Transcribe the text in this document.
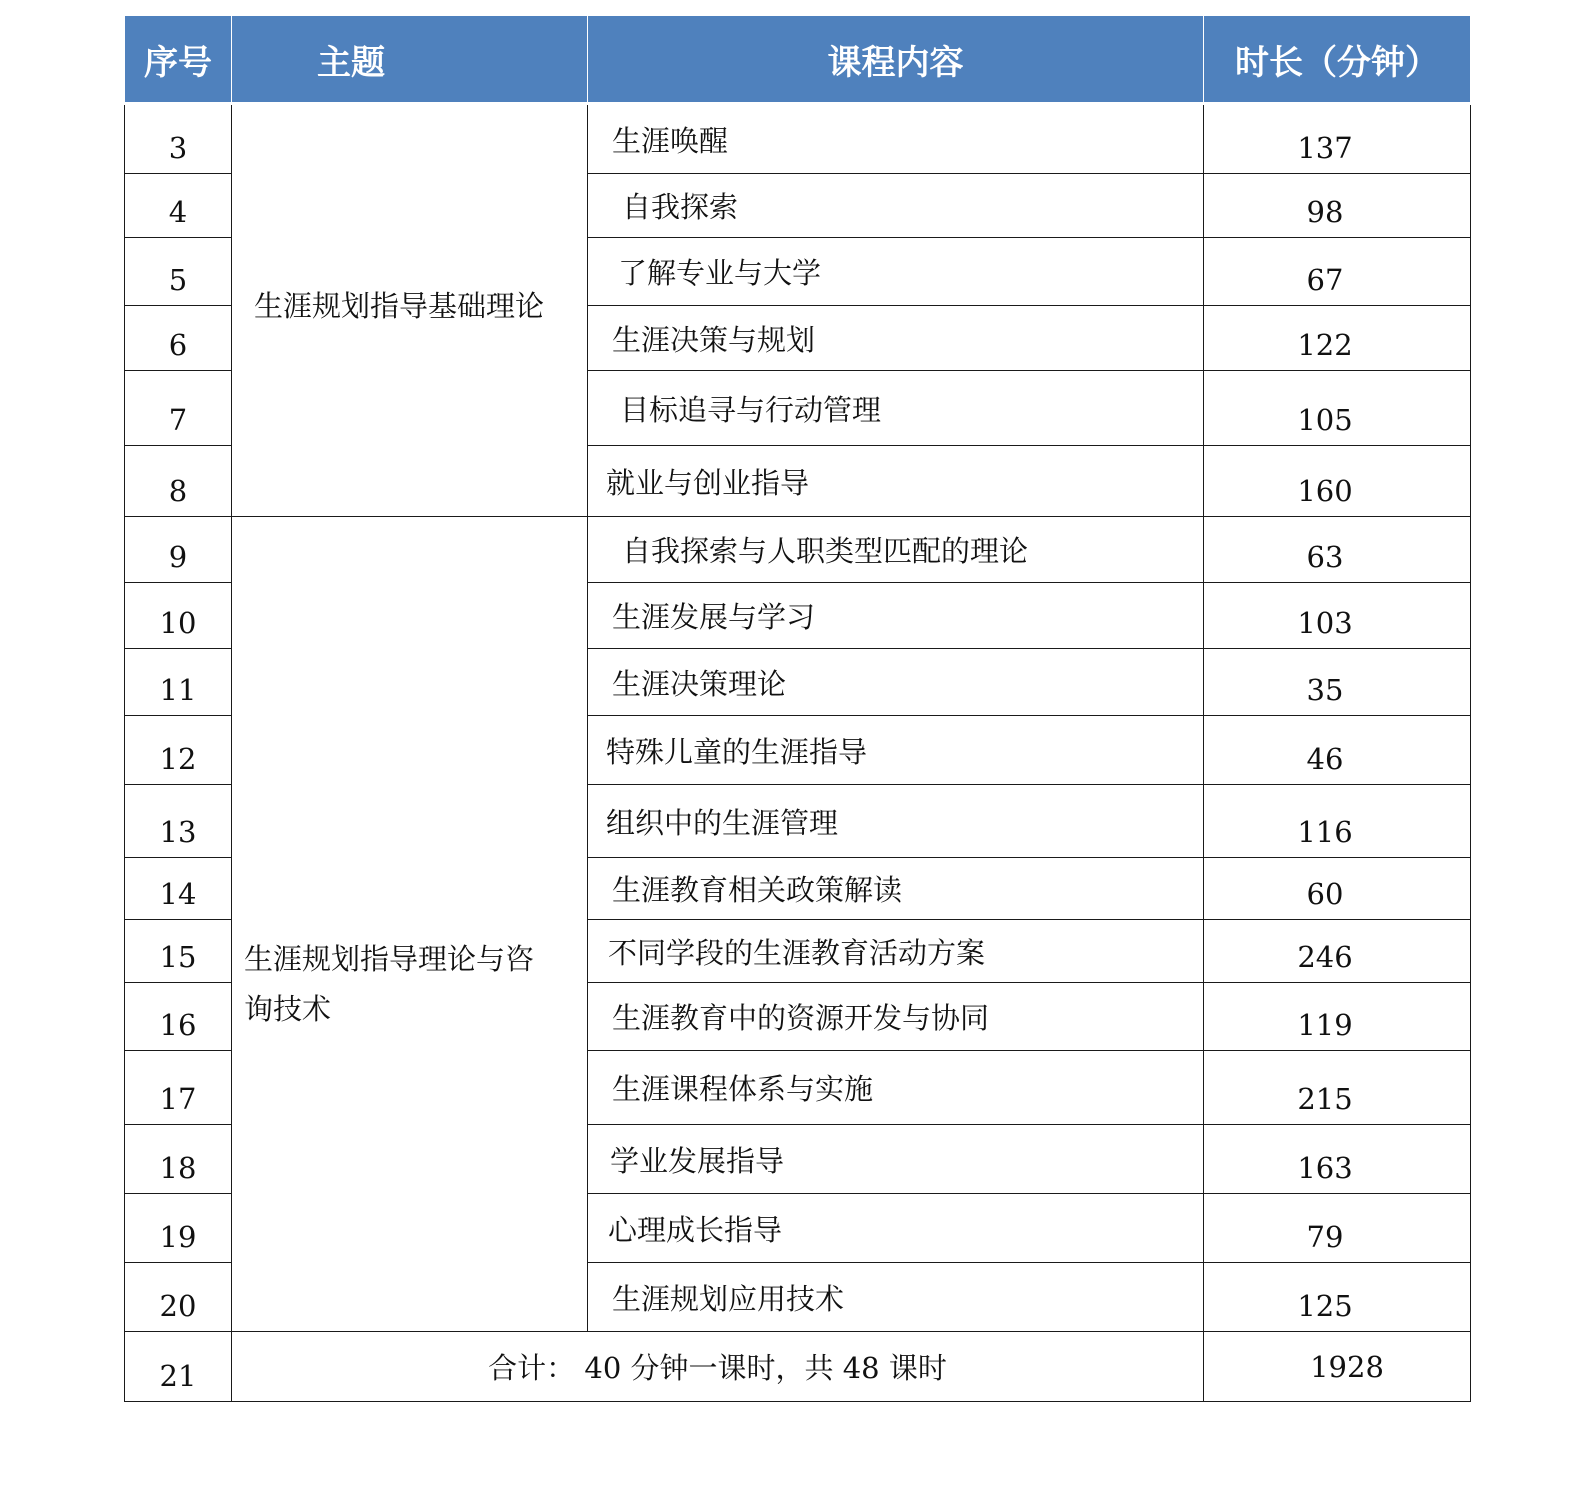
序号	主题	课程内容	时长（分钟）
3	生涯规划指导基础理论	生涯唤醒	137
4		自我探索	98
5		了解专业与大学	67
6		生涯决策与规划	122
7		目标追寻与行动管理	105
8		就业与创业指导	160
9	生涯规划指导理论与咨询技术	自我探索与人职类型匹配的理论	63
10		生涯发展与学习	103
11		生涯决策理论	35
12		特殊儿童的生涯指导	46
13		组织中的生涯管理	116
14		生涯教育相关政策解读	60
15		不同学段的生涯教育活动方案	246
16		生涯教育中的资源开发与协同	119
17		生涯课程体系与实施	215
18		学业发展指导	163
19		心理成长指导	79
20		生涯规划应用技术	125
21	合计： 40 分钟一课时，共 48 课时		1928
